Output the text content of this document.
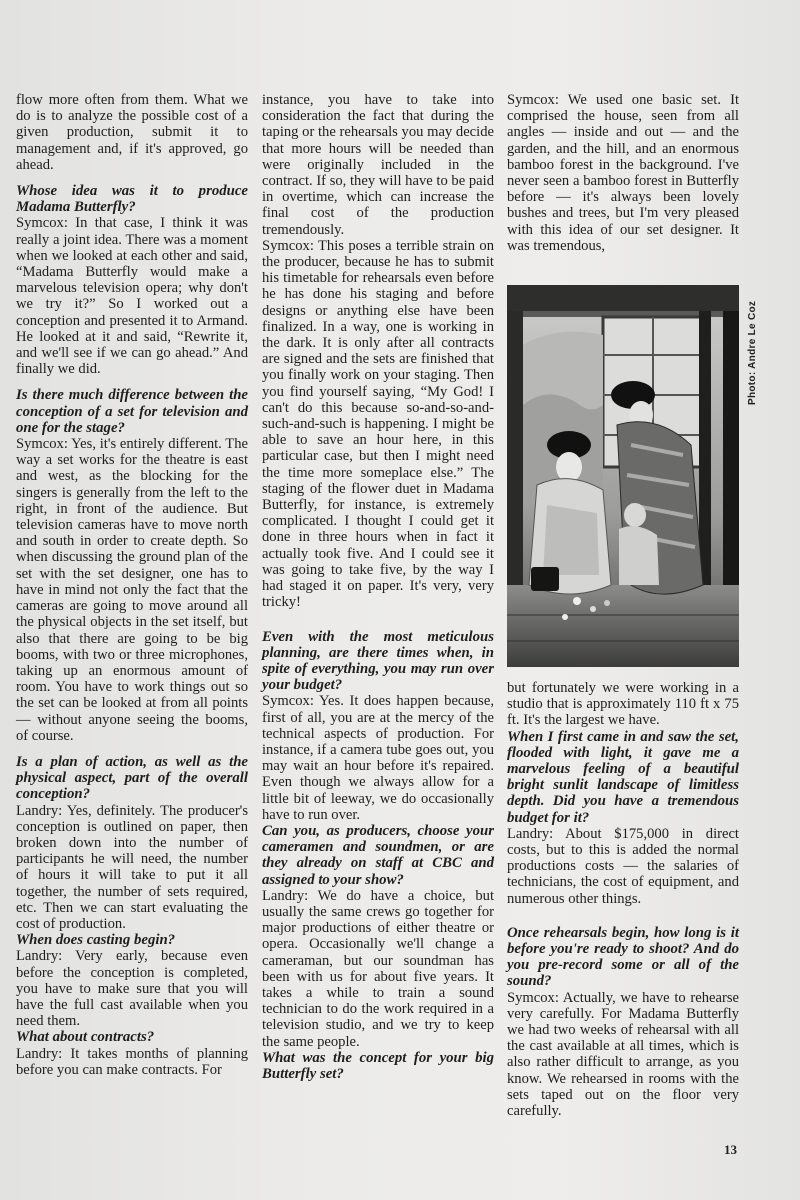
flow more often from them. What we do is to analyze the possible cost of a given production, submit it to management and, if it's approved, go ahead.

Whose idea was it to produce Madama Butterfly?

Symcox: In that case, I think it was really a joint idea. There was a moment when we looked at each other and said, “Madama Butterfly would make a marvelous television opera; why don't we try it?” So I worked out a conception and presented it to Armand. He looked at it and said, “Rewrite it, and we'll see if we can go ahead.” And finally we did.

Is there much difference between the conception of a set for television and one for the stage?

Symcox: Yes, it's entirely different. The way a set works for the theatre is east and west, as the blocking for the singers is generally from the left to the right, in front of the audience. But television cameras have to move north and south in order to create depth. So when discussing the ground plan of the set with the set designer, one has to have in mind not only the fact that the cameras are going to move around all the physical objects in the set itself, but also that there are going to be big booms, with two or three microphones, taking up an enormous amount of room. You have to work things out so the set can be looked at from all points — without anyone seeing the booms, of course.

Is a plan of action, as well as the physical aspect, part of the overall conception?

Landry: Yes, definitely. The producer's conception is outlined on paper, then broken down into the number of participants he will need, the number of hours it will take to put it all together, the number of sets required, etc. Then we can start evaluating the cost of production.

When does casting begin?

Landry: Very early, because even before the conception is completed, you have to make sure that you will have the full cast available when you need them.

What about contracts?

Landry: It takes months of planning before you can make contracts. For

instance, you have to take into consideration the fact that during the taping or the rehearsals you may decide that more hours will be needed than were originally included in the contract. If so, they will have to be paid in overtime, which can increase the final cost of the production tremendously.

Symcox: This poses a terrible strain on the producer, because he has to submit his timetable for rehearsals even before he has done his staging and before designs or anything else have been finalized. In a way, one is working in the dark. It is only after all contracts are signed and the sets are finished that you finally work on your staging. Then you find yourself saying, “My God! I can't do this because so-and-so-and-such-and-such is happening. I might be able to save an hour here, in this particular case, but then I might need the time more someplace else.” The staging of the flower duet in Madama Butterfly, for instance, is extremely complicated. I thought I could get it done in three hours when in fact it actually took five. And I could see it was going to take five, by the way I had staged it on paper. It's very, very tricky!

Even with the most meticulous planning, are there times when, in spite of everything, you may run over your budget?

Symcox: Yes. It does happen because, first of all, you are at the mercy of the technical aspects of production. For instance, if a camera tube goes out, you may wait an hour before it's repaired. Even though we always allow for a little bit of leeway, we do occasionally have to run over.

Can you, as producers, choose your cameramen and soundmen, or are they already on staff at CBC and assigned to your show?

Landry: We do have a choice, but usually the same crews go together for major productions of either theatre or opera. Occasionally we'll change a cameraman, but our soundman has been with us for about five years. It takes a while to train a sound technician to do the work required in a television studio, and we try to keep the same people.

What was the concept for your big Butterfly set?

Symcox: We used one basic set. It comprised the house, seen from all angles — inside and out — and the garden, and the hill, and an enormous bamboo forest in the background. I've never seen a bamboo forest in Butterfly before — it's always been lovely bushes and trees, but I'm very pleased with this idea of our set designer. It was tremendous,

but fortunately we were working in a studio that is approximately 110 ft x 75 ft. It's the largest we have.

When I first came in and saw the set, flooded with light, it gave me a marvelous feeling of a beautiful bright sunlit landscape of limitless depth. Did you have a tremendous budget for it?

Landry: About $175,000 in direct costs, but to this is added the normal productions costs — the salaries of technicians, the cost of equipment, and numerous other things.

Once rehearsals begin, how long is it before you're ready to shoot? And do you pre-record some or all of the sound?

Symcox: Actually, we have to rehearse very carefully. For Madama Butterfly we had two weeks of rehearsal with all the cast available at all times, which is also rather difficult to arrange, as you know. We rehearsed in rooms with the sets taped out on the floor very carefully.

Photo: Andre Le Coz
13
